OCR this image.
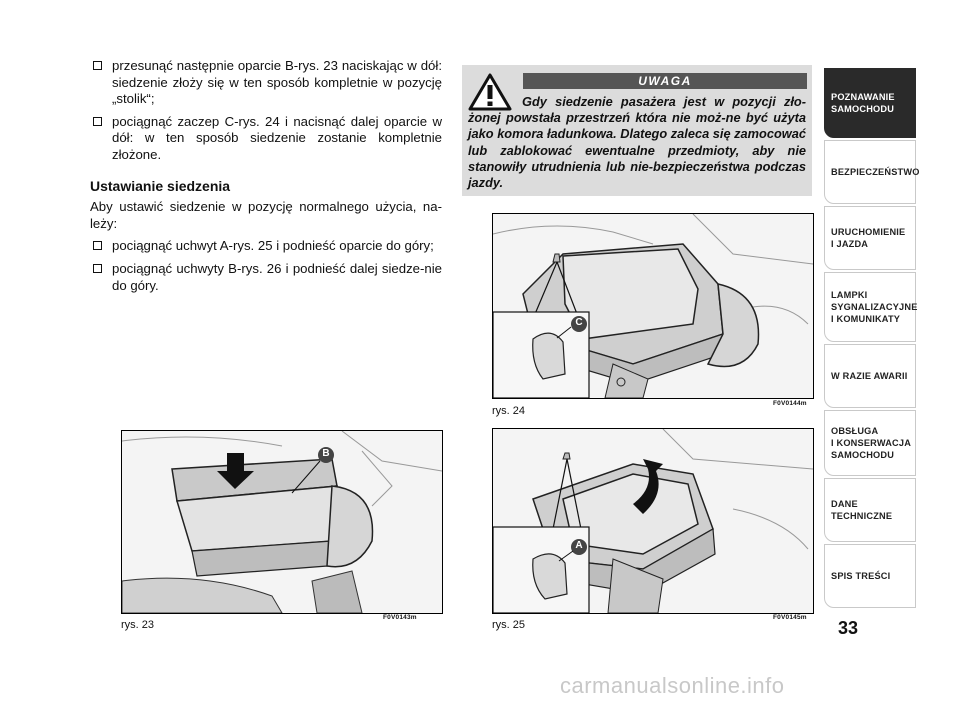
przesunąć następnie oparcie B-rys. 23 naciskając w dół: siedzenie złoży się w ten sposób kompletnie w pozycję „stolik“;
pociągnąć zaczep C-rys. 24 i nacisnąć dalej oparcie w dół: w ten sposób siedzenie zostanie kompletnie złożone.
Ustawianie siedzenia
Aby ustawić siedzenie w pozycję normalnego użycia, na-leży:
pociągnąć uchwyt A-rys. 25 i podnieść oparcie do góry;
pociągnąć uchwyty B-rys. 26 i podnieść dalej siedze-nie do góry.
UWAGA
Gdy siedzenie pasażera jest w pozycji zło-żonej powstała przestrzeń która nie moż-ne być użyta jako komora ładunkowa. Dlatego zaleca się zamocować lub zablokować ewentualne przedmioty, aby nie stanowiły utrudnienia lub nie-bezpieczeństwa podczas jazdy.
C
rys. 24
F0V0144m
B
rys. 23
F0V0143m
A
rys. 25
F0V0145m
POZNAWANIE
SAMOCHODU
BEZPIECZEŃSTWO
URUCHOMIENIE
I JAZDA
LAMPKI
SYGNALIZACYJNE
I KOMUNIKATY
W RAZIE AWARII
OBSŁUGA
I KONSERWACJA
SAMOCHODU
DANE
TECHNICZNE
SPIS TREŚCI
33
carmanualsonline.info
